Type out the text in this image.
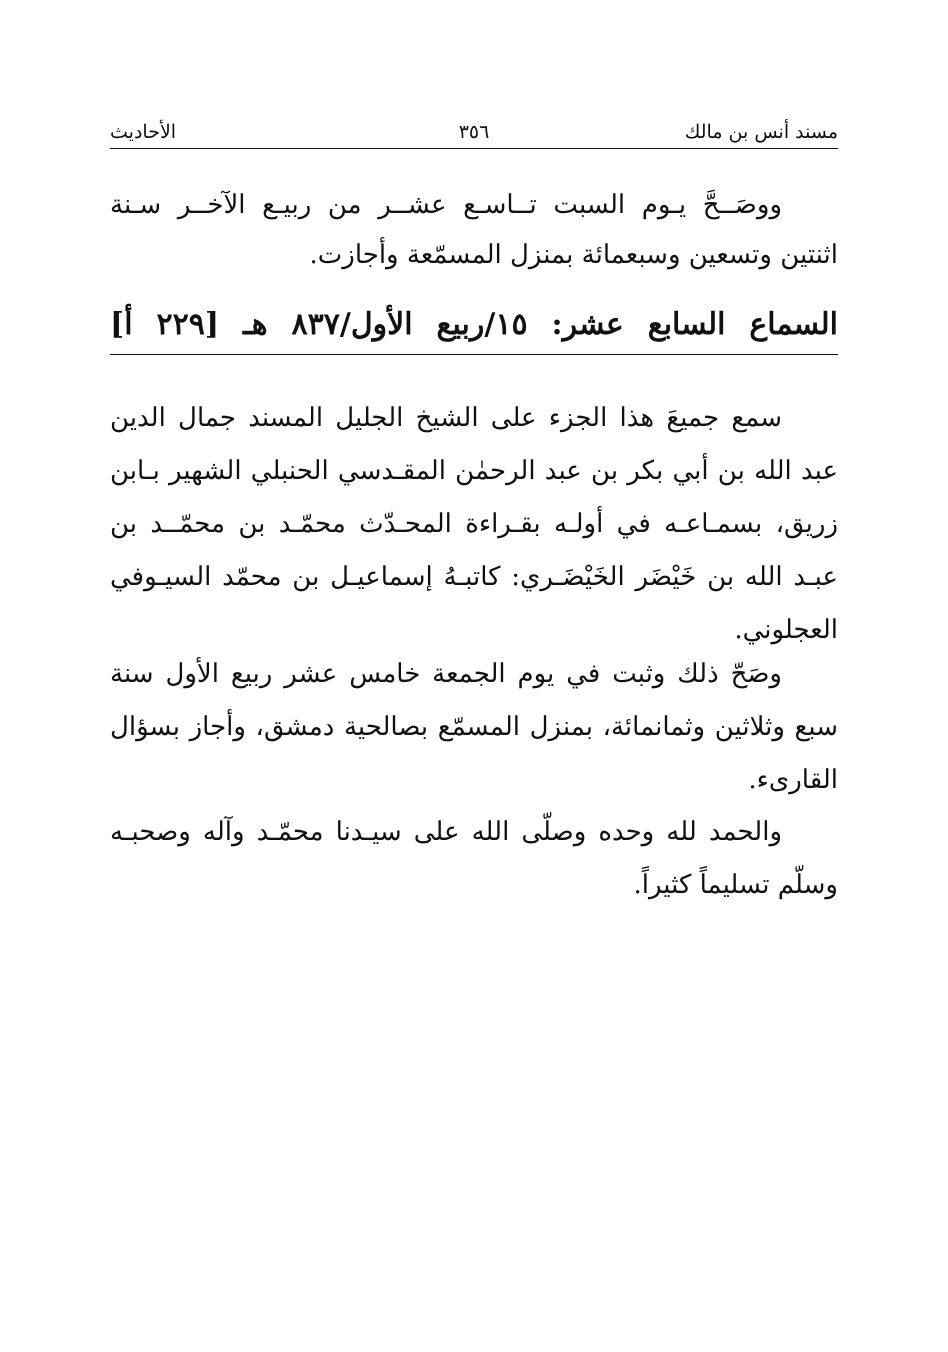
مسند أنس بن مالك
٣٥٦
الأحاديث
ووصَــحَّ يـوم السبت تــاسـع عشــر من ربيـع الآخــر سـنة
اثنتين وتسعين وسبعمائة بمنزل المسمّعة وأجازت.
السماع السابع عشر: ١٥/ربيع الأول/٨٣٧ هـ [٢٢٩ أ]
سمع جميعَ هذا الجزء على الشيخ الجليل المسند جمال الدين
عبد الله بن أبي بكر بن عبد الرحمٰن المقـدسي الحنبلي الشهير بـابن
زريق، بسمـاعـه في أولـه بقـراءة المحـدّث محمّـد بن محمّــد بن
عبـد الله بن خَيْضَر الخَيْضَـري: كاتبـهُ إسماعيـل بن محمّد السيـوفي
العجلوني.
وصَحّ ذلك وثبت في يوم الجمعة خامس عشر ربيع الأول سنة
سبع وثلاثين وثمانمائة، بمنزل المسمّع بصالحية دمشق، وأجاز بسؤال
القارىء.
والحمد لله وحده وصلّى الله على سيـدنا محمّـد وآله وصحبـه
وسلّم تسليماً كثيراً.
